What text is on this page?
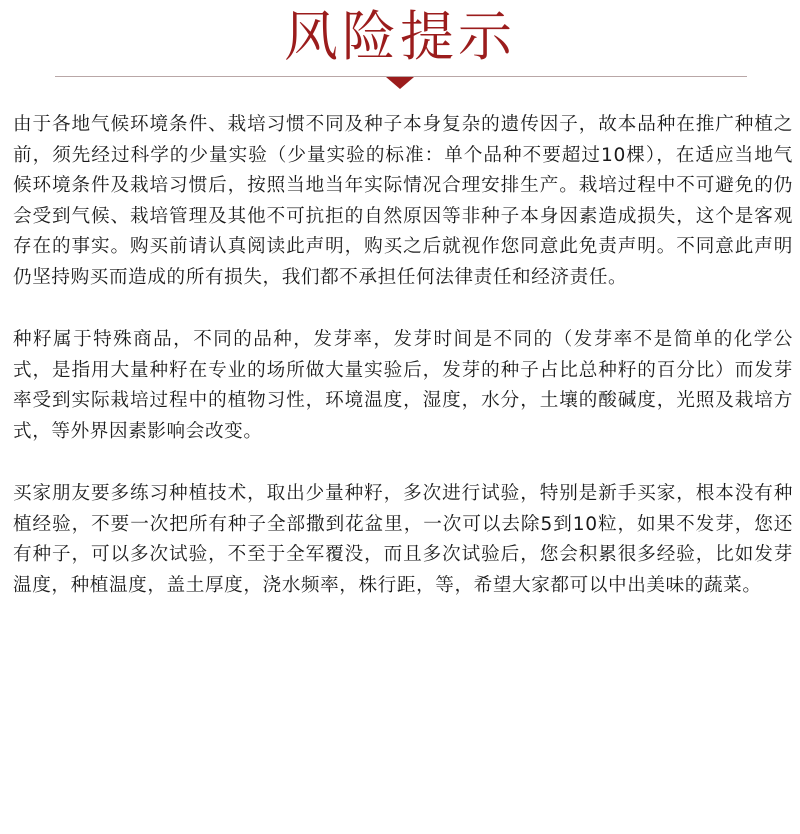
风险提示

由于各地气候环境条件、栽培习惯不同及种子本身复杂的遗传因子，故本品种在推广种植之前，须先经过科学的少量实验（少量实验的标准：单个品种不要超过10棵），在适应当地气候环境条件及栽培习惯后，按照当地当年实际情况合理安排生产。栽培过程中不可避免的仍会受到气候、栽培管理及其他不可抗拒的自然原因等非种子本身因素造成损失，这个是客观存在的事实。购买前请认真阅读此声明，购买之后就视作您同意此免责声明。不同意此声明仍坚持购买而造成的所有损失，我们都不承担任何法律责任和经济责任。

种籽属于特殊商品，不同的品种，发芽率，发芽时间是不同的（发芽率不是简单的化学公式，是指用大量种籽在专业的场所做大量实验后，发芽的种子占比总种籽的百分比）而发芽率受到实际栽培过程中的植物习性，环境温度，湿度，水分，土壤的酸碱度，光照及栽培方式，等外界因素影响会改变。

买家朋友要多练习种植技术，取出少量种籽，多次进行试验，特别是新手买家，根本没有种植经验，不要一次把所有种子全部撒到花盆里，一次可以去除5到10粒，如果不发芽，您还有种子，可以多次试验，不至于全军覆没，而且多次试验后，您会积累很多经验，比如发芽温度，种植温度，盖土厚度，浇水频率，株行距，等，希望大家都可以中出美味的蔬菜。
